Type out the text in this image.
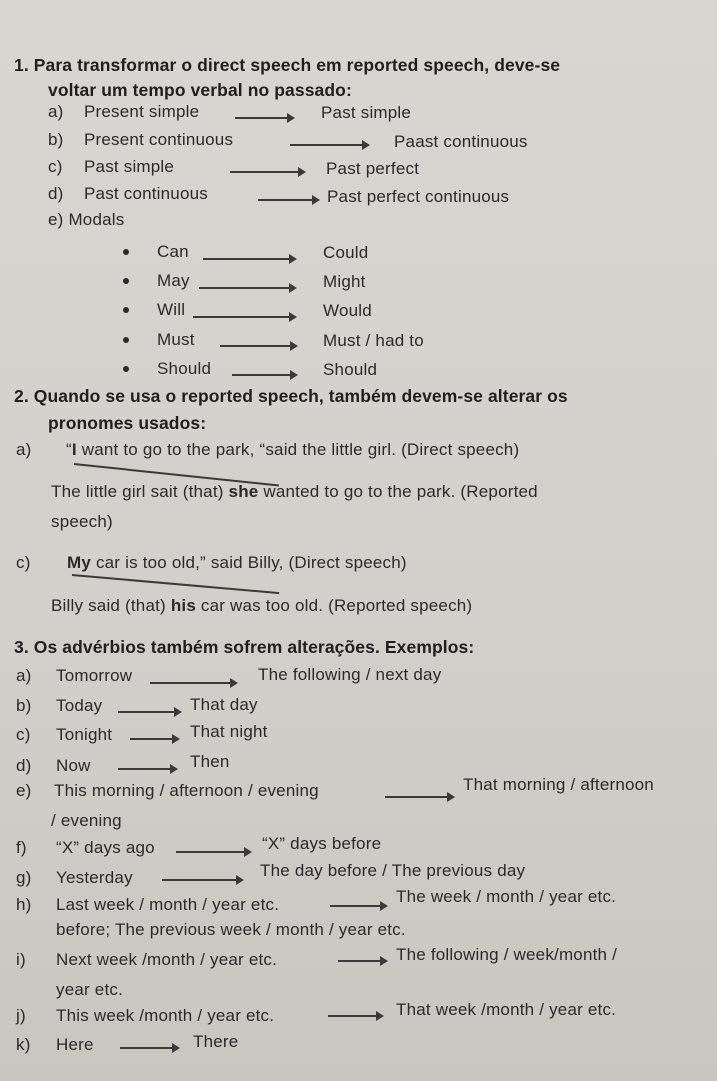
1. Para transformar o direct speech em reported speech, deve-se
voltar um tempo verbal no passado:
a) Present simple	Past simple
b) Present continuous	Paast continuous
c) Past simple	Past perfect
d) Past continuous	Past perfect continuous
e) Modals
Can	Could
May	Might
Will	Would
Must	Must / had to
Should	Should
2. Quando se usa o reported speech, também devem-se alterar os
pronomes usados:
a) “I want to go to the park, “said the little girl. (Direct speech)
The little girl sait (that) she wanted to go to the park. (Reported
speech)
c) My car is too old,” said Billy, (Direct speech)
Billy said (that) his car was too old. (Reported speech)
3. Os advérbios também sofrem alterações. Exemplos:
a) Tomorrow	The following / next day
b) Today	That day
c) Tonight	That night
d) Now	Then
e) This morning / afternoon / evening	That morning / afternoon
/ evening
f) “X” days ago	“X” days before
g) Yesterday	The day before / The previous day
h) Last week / month / year etc.	The week / month / year etc.
before; The previous week / month / year etc.
i) Next week /month / year etc.	The following / week/month /
year etc.
j) This week /month / year etc.	That week /month / year etc.
k) Here	There
